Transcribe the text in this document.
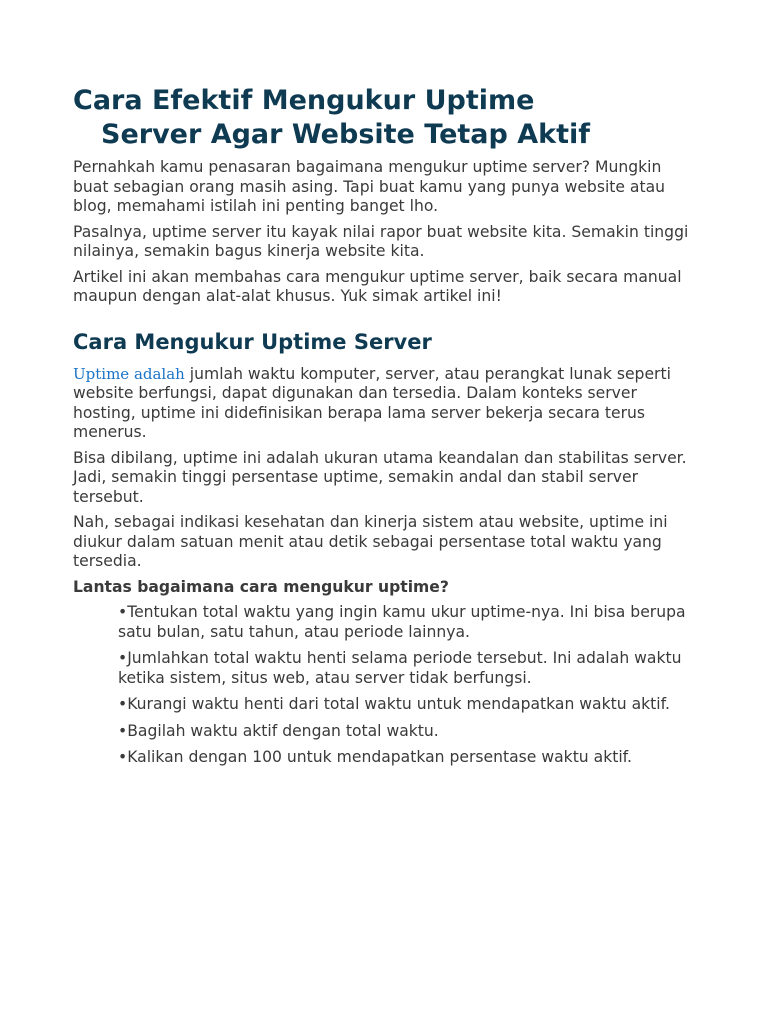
Cara Efektif Mengukur Uptime
Server Agar Website Tetap Aktif

Pernahkah kamu penasaran bagaimana mengukur uptime server? Mungkin buat sebagian orang masih asing. Tapi buat kamu yang punya website atau blog, memahami istilah ini penting banget lho.

Pasalnya, uptime server itu kayak nilai rapor buat website kita. Semakin tinggi nilainya, semakin bagus kinerja website kita.

Artikel ini akan membahas cara mengukur uptime server, baik secara manual maupun dengan alat-alat khusus. Yuk simak artikel ini!

Cara Mengukur Uptime Server

Uptime adalah jumlah waktu komputer, server, atau perangkat lunak seperti website berfungsi, dapat digunakan dan tersedia. Dalam konteks server hosting, uptime ini didefinisikan berapa lama server bekerja secara terus menerus.

Bisa dibilang, uptime ini adalah ukuran utama keandalan dan stabilitas server. Jadi, semakin tinggi persentase uptime, semakin andal dan stabil server tersebut.

Nah, sebagai indikasi kesehatan dan kinerja sistem atau website, uptime ini diukur dalam satuan menit atau detik sebagai persentase total waktu yang tersedia.

Lantas bagaimana cara mengukur uptime?

•Tentukan total waktu yang ingin kamu ukur uptime-nya. Ini bisa berupa satu bulan, satu tahun, atau periode lainnya.
•Jumlahkan total waktu henti selama periode tersebut. Ini adalah waktu ketika sistem, situs web, atau server tidak berfungsi.
•Kurangi waktu henti dari total waktu untuk mendapatkan waktu aktif.
•Bagilah waktu aktif dengan total waktu.
•Kalikan dengan 100 untuk mendapatkan persentase waktu aktif.
